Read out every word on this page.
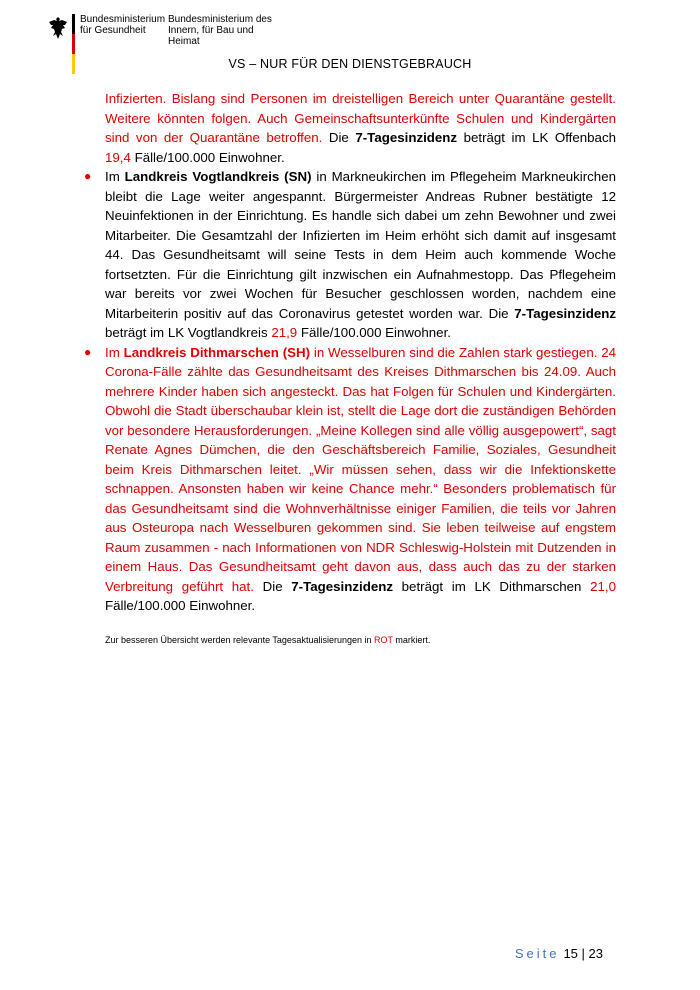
Bundesministerium für Gesundheit
Bundesministerium des Innern, für Bau und Heimat
VS – NUR FÜR DEN DIENSTGEBRAUCH

Infizierten. Bislang sind Personen im dreistelligen Bereich unter Quarantäne gestellt. Weitere könnten folgen. Auch Gemeinschaftsunterkünfte Schulen und Kindergärten sind von der Quarantäne betroffen. Die 7-Tagesinzidenz beträgt im LK Offenbach 19,4 Fälle/100.000 Einwohner.

● Im Landkreis Vogtlandkreis (SN) in Markneukirchen im Pflegeheim Markneukirchen bleibt die Lage weiter angespannt. Bürgermeister Andreas Rubner bestätigte 12 Neuinfektionen in der Einrichtung. Es handle sich dabei um zehn Bewohner und zwei Mitarbeiter. Die Gesamtzahl der Infizierten im Heim erhöht sich damit auf insgesamt 44. Das Gesundheitsamt will seine Tests in dem Heim auch kommende Woche fortsetzten. Für die Einrichtung gilt inzwischen ein Aufnahmestopp. Das Pflegeheim war bereits vor zwei Wochen für Besucher geschlossen worden, nachdem eine Mitarbeiterin positiv auf das Coronavirus getestet worden war. Die 7-Tagesinzidenz beträgt im LK Vogtlandkreis 21,9 Fälle/100.000 Einwohner.
● Im Landkreis Dithmarschen (SH) in Wesselburen sind die Zahlen stark gestiegen. 24 Corona-Fälle zählte das Gesundheitsamt des Kreises Dithmarschen bis 24.09. Auch mehrere Kinder haben sich angesteckt. Das hat Folgen für Schulen und Kindergärten. Obwohl die Stadt überschaubar klein ist, stellt die Lage dort die zuständigen Behörden vor besondere Herausforderungen. „Meine Kollegen sind alle völlig ausgepowert“, sagt Renate Agnes Dümchen, die den Geschäftsbereich Familie, Soziales, Gesundheit beim Kreis Dithmarschen leitet. „Wir müssen sehen, dass wir die Infektionskette schnappen. Ansonsten haben wir keine Chance mehr.“ Besonders problematisch für das Gesundheitsamt sind die Wohnverhältnisse einiger Familien, die teils vor Jahren aus Osteuropa nach Wesselburen gekommen sind. Sie leben teilweise auf engstem Raum zusammen - nach Informationen von NDR Schleswig-Holstein mit Dutzenden in einem Haus. Das Gesundheitsamt geht davon aus, dass auch das zu der starken Verbreitung geführt hat. Die 7-Tagesinzidenz beträgt im LK Dithmarschen 21,0 Fälle/100.000 Einwohner.
Zur besseren Übersicht werden relevante Tagesaktualisierungen in ROT markiert.
Seite 15 | 23
